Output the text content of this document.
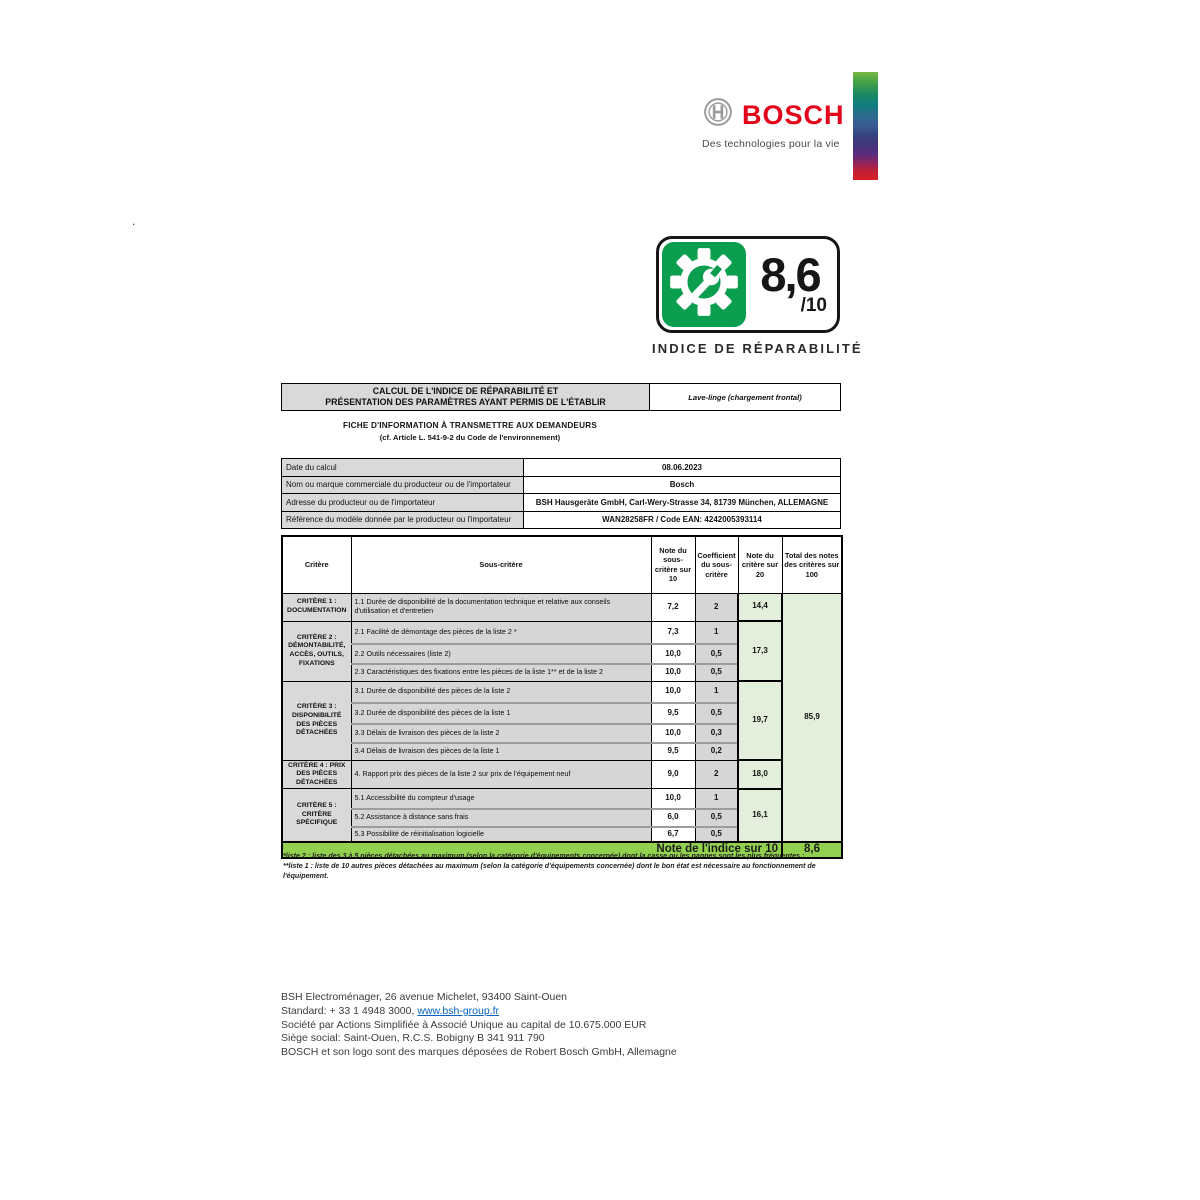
BOSCH
Des technologies pour la vie
.
8,6
/10
INDICE DE RÉPARABILITÉ
CALCUL DE L'INDICE DE RÉPARABILITÉ ET
PRÉSENTATION DES PARAMÈTRES AYANT PERMIS DE L'ÉTABLIR	Lave-linge (chargement frontal)
FICHE D'INFORMATION À TRANSMETTRE AUX DEMANDEURS
(cf. Article L. 541-9-2 du Code de l'environnement)
Date du calcul	08.06.2023
Nom ou marque commerciale du producteur ou de l'importateur	Bosch
Adresse du producteur ou de l'importateur	BSH Hausgeräte GmbH, Carl-Wery-Strasse 34, 81739 München, ALLEMAGNE
Référence du modèle donnée par le producteur ou l'importateur	WAN28258FR / Code EAN: 4242005393114
Critère	Sous-critère	Note du sous-critère sur 10	Coefficient du sous-critère	Note du critère sur 20	Total des notes des critères sur 100
CRITÈRE 1 : DOCUMENTATION	1.1 Durée de disponibilité de la documentation technique et relative aux conseils d'utilisation et d'entretien	7,2	2	14,4	85,9
CRITÈRE 2 : DÉMONTABILITÉ, ACCÈS, OUTILS, FIXATIONS	2.1 Facilité de démontage des pièces de la liste 2 *	7,3	1	17,3	
	2.2 Outils nécessaires (liste 2)	10,0	0,5		
	2.3 Caractéristiques des fixations entre les pièces de la liste 1** et de la liste 2	10,0	0,5		
CRITÈRE 3 : DISPONIBILITÉ DES PIÈCES DÉTACHÉES	3.1 Durée de disponibilité des pièces de la liste 2	10,0	1	19,7	
	3.2 Durée de disponibilité des pièces de la liste 1	9,5	0,5		
	3.3 Délais de livraison des pièces de la liste 2	10,0	0,3		
	3.4 Délais de livraison des pièces de la liste 1	9,5	0,2		
CRITÈRE 4 : PRIX DES PIÈCES DÉTACHÉES	4. Rapport prix des pièces de la liste 2 sur prix de l'équipement neuf	9,0	2	18,0	
CRITÈRE 5 : CRITÈRE SPÉCIFIQUE	5.1 Accessibilité du compteur d'usage	10,0	1	16,1	
	5.2 Assistance à distance sans frais	6,0	0,5		
	5.3 Possibilité de réinitialisation logicielle	6,7	0,5		
Note de l'indice sur 10					8,6
*liste 2 : liste des 3 à 5 pièces détachées au maximum (selon la catégorie d'équipements concernée) dont la casse ou les pannes sont les plus fréquentes ;
**liste 1 : liste de 10 autres pièces détachées au maximum (selon la catégorie d'équipements concernée) dont le bon état est nécessaire au fonctionnement de l'équipement.
BSH Electroménager, 26 avenue Michelet, 93400 Saint-Ouen
Standard: + 33 1 4948 3000, www.bsh-group.fr
Société par Actions Simplifiée à Associé Unique au capital de 10.675.000 EUR
Siège social: Saint-Ouen, R.C.S. Bobigny B 341 911 790
BOSCH et son logo sont des marques déposées de Robert Bosch GmbH, Allemagne
